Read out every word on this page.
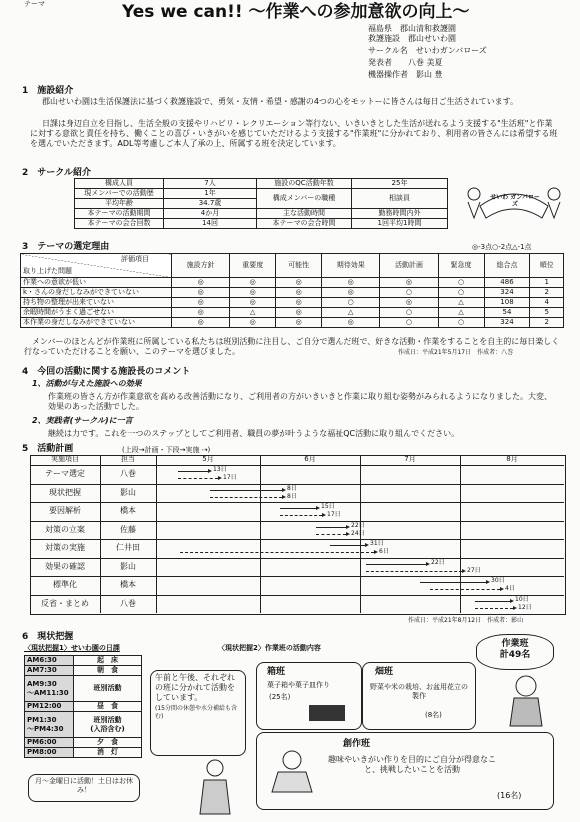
テーマ	Yes we can!! ～作業への参加意欲の向上～
福島県　郡山清和救護園
救護施設　郡山せいわ園
サークル名　せいわガンバローズ
発表者　　八巻 美夏
機器操作者　影山 豊
1　施設紹介
郡山せいわ園は生活保護法に基づく救護施設で、勇気・友情・希望・感謝の4つの心をモットーに皆さんは毎日ご生活されています。
日課は身辺自立を目指し、生活全般の支援やリハビリ・レクリエーション等行ない、いきいきとした生活が送れるよう支援する"生活班"と作業に対する意欲と責任を持ち、働くことの喜び・いきがいを感じていただけるよう支援する"作業班"に分かれており、利用者の皆さんには希望する班を選んでいただきます。ADL等考慮しご本人了承の上、所属する班を決定しています。
2　サークル紹介
構成人員	7人	施設のQC活動年数	25年
現メンバーでの活動歴	1年	構成メンバーの職種	相談員
平均年齢	34.7歳		
本テーマの活動期間	4か月	主な活動時間	勤務時間内外
本テーマの会合回数	14回	本テーマの会合時間	1回平均1時間
せいわ ガンバローズ
3　テーマの選定理由	◎-3点○-2点△-1点
評価項目
取り上げた問題	施設方針	重要度	可能性	期待効果	活動計画	緊急度	総合点	順位
作業への意欲が低い	◎	◎	◎	◎	◎	○	486	1
k・さんの身だしなみができていない	◎	◎	◎	◎	○	○	324	2
持ち物の整理が出来ていない	◎	◎	◎	○	◎	△	108	4
余暇時間がうまく過ごせない	◎	△	◎	△	○	△	54	5
本作業の身だしなみができていない	◎	◎	◎	◎	○	○	324	2
メンバーのほとんどが作業班に所属している私たちは班別活動に注目し、ご自分で選んだ班で、好きな活動・作業をすることを自主的に毎日楽しく行なっていただけることを願い、このテーマを選びました。	作成日：平成21年5月17日　作成者：八巻
4　今回の活動に関する施設長のコメント
1、活動が与えた施設への効果
作業班の皆さん方が作業意欲を高める改善活動になり、ご利用者の方がいきいきと作業に取り組む姿勢がみられるようになりました。大変、効果のあった活動でした。
2、実践者(サークル)に一言
継続は力です。これを一つのステップとしてご利用者、職員の夢が叶うような福祉QC活動に取り組んでください。
5　活動計画	(上段→計画・下段→実施 ⇢)
実施項目	担当	5月	6月	7月	8月
テーマ選定	八巻	13日
17日
現状把握	影山	8日
8日
要因解析	橋本	15日
17日
対策の立案	佐藤	22日
24日
対策の実施	仁井田	31日
6日
効果の確認	影山	22日
27日
標準化	橋本	30日
4日
反省・まとめ	八巻	10日
12日
作成日：平成21年8月12日　作成者：影山
6　現状把握
〈現状把握1〉せいわ園の日課
AM6:30	起　床
AM7:30	朝　食
AM9:30
〜AM11:30	班別活動
PM12:00	昼　食
PM1:30
〜PM4:30	班別活動
(入浴含む)
PM6:00	夕　食
PM8:00	消　灯
午前と午後、それぞれの班に分かれて活動をしています。
(15分間の休憩や水分補給も含む)
月〜金曜日に活動！土日はお休み！
〈現状把握2〉作業班の活動内容	作業班
計49名
箱班
菓子箱や菓子皿作り
(25名)
畑班
野菜や米の栽培、お盆用花立の製作
(8名)
創作班
趣味やいきがい作りを目的にご自分が得意なこと、挑戦したいことを活動
(16名)
